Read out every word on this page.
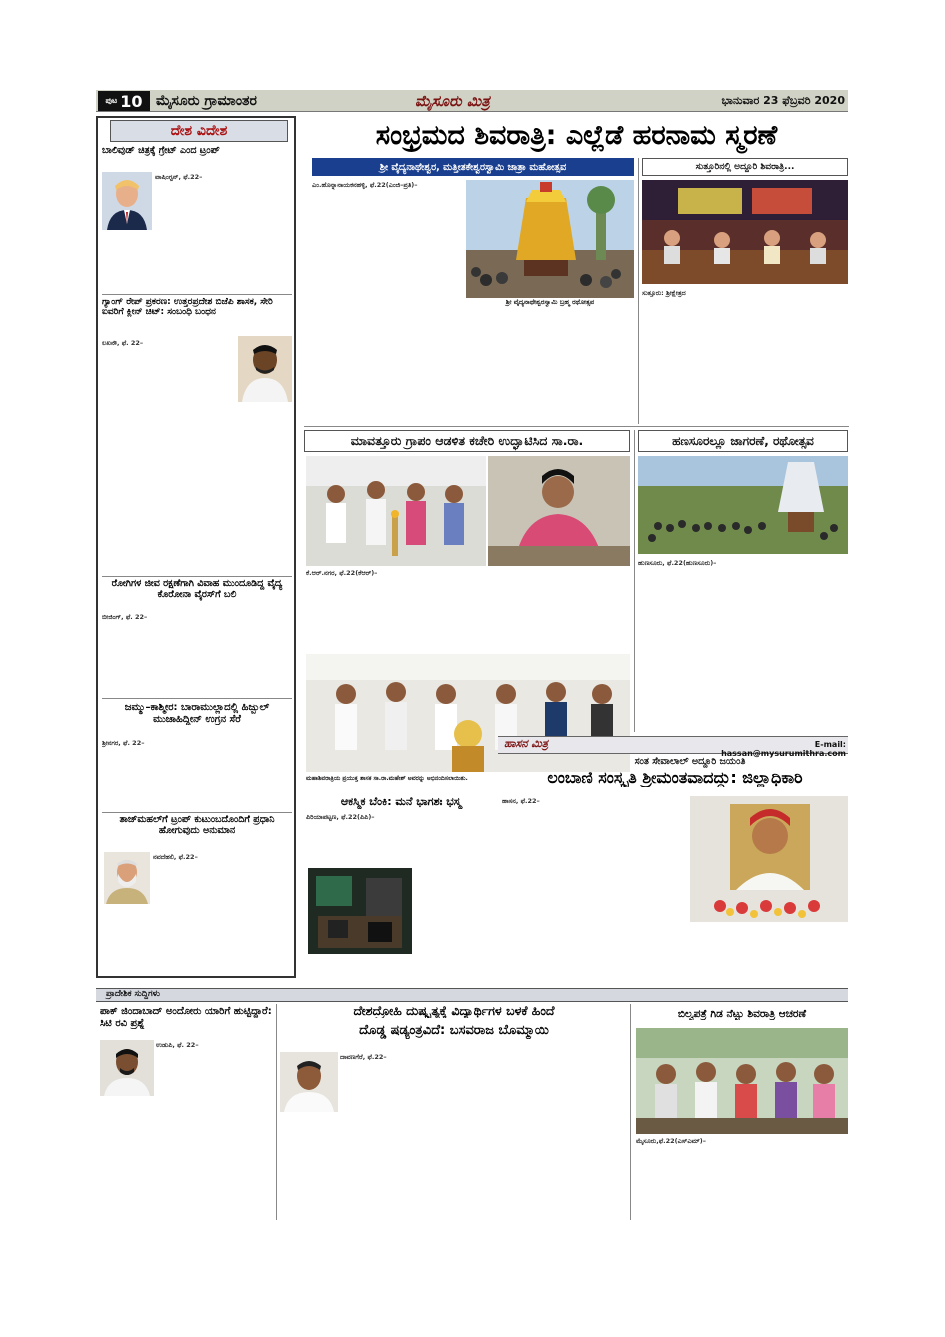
ಪುಟ 10 ಮೈಸೂರು ಗ್ರಾಮಾಂತರ	ಮೈಸೂರು ಮಿತ್ರ	ಭಾನುವಾರ 23 ಫೆಬ್ರವರಿ 2020
ದೇಶ ವಿದೇಶ
ಬಾಲಿವುಡ್ ಚಿತ್ರಕ್ಕೆ ಗ್ರೇಟ್ ಎಂದ ಟ್ರಂಪ್

ವಾಷಿಂಗ್ಟನ್, ಫೆ.22–

ಗ್ಯಾಂಗ್ ರೇಪ್ ಪ್ರಕರಣ: ಉತ್ತರಪ್ರದೇಶ ಬಿಜೆಪಿ ಶಾಸಕ, ಸೇರಿ ಐವರಿಗೆ ಕ್ಲೀನ್ ಚಿಟ್: ಸಂಬಂಧಿ ಬಂಧನ

ಲಖನೌ, ಫೆ. 22–

ರೋಗಿಗಳ ಜೀವ ರಕ್ಷಣೆಗಾಗಿ ವಿವಾಹ ಮುಂದೂಡಿದ್ದ ವೈದ್ಯ ಕೊರೋನಾ ವೈರಸ್‌ಗೆ ಬಲಿ

ಬೀಜಿಂಗ್, ಫೆ. 22–

ಜಮ್ಮು–ಕಾಶ್ಮೀರ: ಬಾರಾಮುಲ್ಲಾದಲ್ಲಿ ಹಿಜ್ಬುಲ್ ಮುಜಾಹಿದ್ದೀನ್ ಉಗ್ರನ ಸೆರೆ

ಶ್ರೀನಗರ, ಫೆ. 22–

ತಾಜ್‌ಮಹಲ್‌ಗೆ ಟ್ರಂಪ್ ಕುಟುಂಬದೊಂದಿಗೆ ಪ್ರಧಾನಿ ಹೋಗುವುದು ಅನುಮಾನ

ನವದೆಹಲಿ, ಫೆ.22–

ಸಂಭ್ರಮದ ಶಿವರಾತ್ರಿ: ಎಲ್ಲೆಡೆ ಹರನಾಮ ಸ್ಮರಣೆ
ಶ್ರೀ ವೈದ್ಯನಾಥೇಶ್ವರ, ಮತ್ತೀತಕೇಶ್ವರಸ್ವಾಮಿ ಜಾತ್ರಾ ಮಹೋತ್ಸವ

ಎಂ.ಹೊನ್ನಾನಾಯಕನಹಳ್ಳಿ, ಫೆ.22(ಎಂಜಿ–ಪ್ರತಿ)–

ಶ್ರೀ ವೈದ್ಯನಾಥೇಶ್ವರಸ್ವಾಮಿ ಬ್ರಹ್ಮ ರಥೋತ್ಸವ
ಸುತ್ತೂರಿನಲ್ಲಿ ಅದ್ದೂರಿ ಶಿವರಾತ್ರಿ...

ಸುತ್ತೂರು: ಶ್ರೀಕ್ಷೇತ್ರದ

ಮಾವತ್ತೂರು ಗ್ರಾಪಂ ಆಡಳಿತ ಕಚೇರಿ ಉದ್ಘಾಟಿಸಿದ ಸಾ.ರಾ.

ಕೆ.ಆರ್.ನಗರ, ಫೆ.22(ಕೆಆರ್)–

ಮಹಾಶಿವರಾತ್ರಿಯ ಪ್ರಯುಕ್ತ ಶಾಸಕ ಸಾ.ರಾ.ಮಹೇಶ್ ಅವರನ್ನು ಅಭಿನಂದಿಸಲಾಯಿತು.
ಹಣಸೂರಲ್ಲೂ ಜಾಗರಣೆ, ರಥೋತ್ಸವ

ಹುಣಸೂರು, ಫೆ.22(ಹುಣಸೂರು)–

ಹಾಸನ ಮಿತ್ರ	E-mail: hassan@mysurumithra.com
ಸಂತ ಸೇವಾಲಾಲ್ ಅದ್ದೂರಿ ಜಯಂತಿ
ಲಂಬಾಣಿ ಸಂಸ್ಕೃತಿ ಶ್ರೀಮಂತವಾದದ್ದು: ಜಿಲ್ಲಾಧಿಕಾರಿ

ಹಾಸನ, ಫೆ.22–

ಆಕಸ್ಮಿಕ ಬೆಂಕಿ: ಮನೆ ಭಾಗಶಃ ಭಸ್ಮ

ಪಿರಿಯಾಪಟ್ಟಣ, ಫೆ.22(ಪಿಪಿ)–

ಪ್ರಾದೇಶಿಕ ಸುದ್ದಿಗಳು
ಪಾಕ್ ಜಿಂದಾಬಾದ್ ಅಂದೋರು ಯಾರಿಗೆ ಹುಟ್ಟಿದ್ದಾರೆ: ಸಿಟಿ ರವಿ ಪ್ರಶ್ನೆ

ಉಡುಪಿ, ಫೆ. 22–

ದೇಶದ್ರೋಹಿ ದುಷ್ಕೃತ್ಯಕ್ಕೆ ವಿದ್ಯಾರ್ಥಿಗಳ ಬಳಕೆ ಹಿಂದೆ
ದೊಡ್ಡ ಷಡ್ಯಂತ್ರವಿದೆ: ಬಸವರಾಜ ಬೊಮ್ಮಾಯಿ

ದಾವಣಗೆರೆ, ಫೆ.22–

ಬಿಲ್ವಪತ್ರೆ ಗಿಡ ನೆಟ್ಟು ಶಿವರಾತ್ರಿ ಆಚರಣೆ

ಮೈಸೂರು,ಫೆ.22(ಎಸ್‌ಎಮ್)–
